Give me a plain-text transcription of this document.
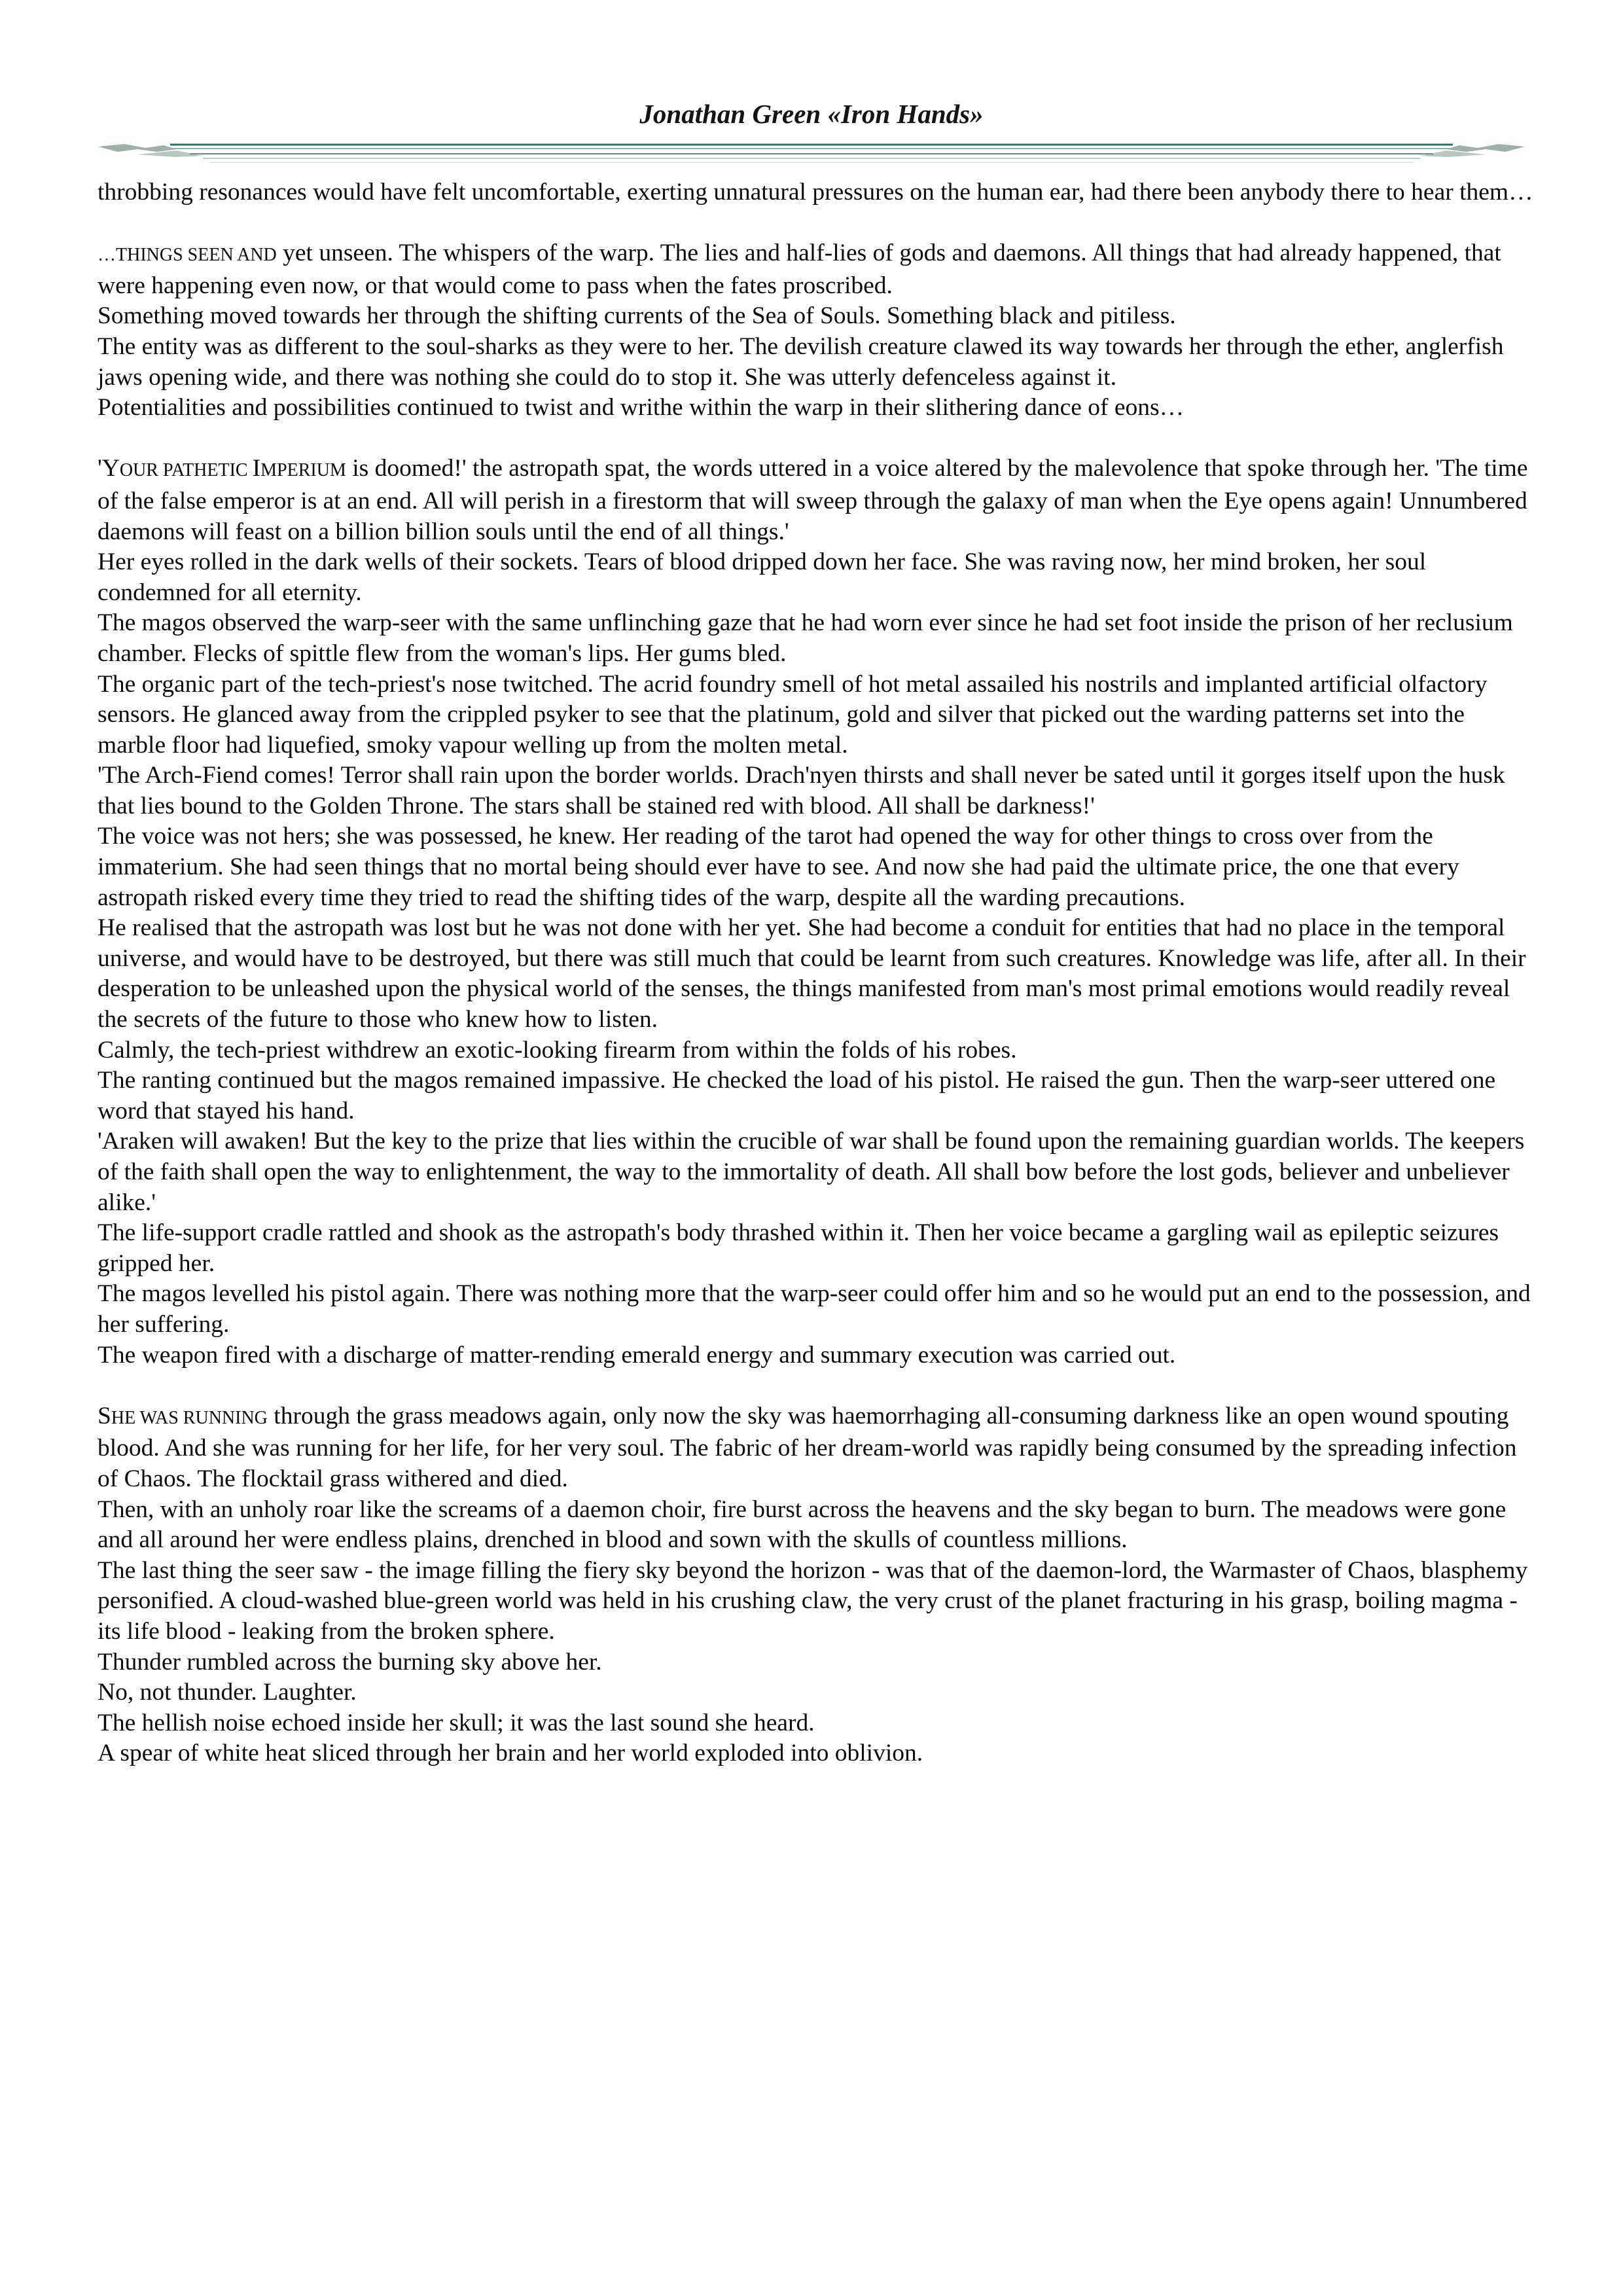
Jonathan Green «Iron Hands»

throbbing resonances would have felt uncomfortable, exerting unnatural pressures on the human ear, had there been anybody there to hear them…

…THINGS SEEN AND yet unseen. The whispers of the warp. The lies and half-lies of gods and daemons. All things that had already happened, that were happening even now, or that would come to pass when the fates proscribed.

Something moved towards her through the shifting currents of the Sea of Souls. Something black and pitiless.

The entity was as different to the soul-sharks as they were to her. The devilish creature clawed its way towards her through the ether, anglerfish jaws opening wide, and there was nothing she could do to stop it. She was utterly defenceless against it.

Potentialities and possibilities continued to twist and writhe within the warp in their slithering dance of eons…

'YOUR PATHETIC IMPERIUM is doomed!' the astropath spat, the words uttered in a voice altered by the malevolence that spoke through her. 'The time of the false emperor is at an end. All will perish in a firestorm that will sweep through the galaxy of man when the Eye opens again! Unnumbered daemons will feast on a billion billion souls until the end of all things.'

Her eyes rolled in the dark wells of their sockets. Tears of blood dripped down her face. She was raving now, her mind broken, her soul condemned for all eternity.

The magos observed the warp-seer with the same unflinching gaze that he had worn ever since he had set foot inside the prison of her reclusium chamber. Flecks of spittle flew from the woman's lips. Her gums bled.

The organic part of the tech-priest's nose twitched. The acrid foundry smell of hot metal assailed his nostrils and implanted artificial olfactory sensors. He glanced away from the crippled psyker to see that the platinum, gold and silver that picked out the warding patterns set into the marble floor had liquefied, smoky vapour welling up from the molten metal.

'The Arch-Fiend comes! Terror shall rain upon the border worlds. Drach'nyen thirsts and shall never be sated until it gorges itself upon the husk that lies bound to the Golden Throne. The stars shall be stained red with blood. All shall be darkness!'

The voice was not hers; she was possessed, he knew. Her reading of the tarot had opened the way for other things to cross over from the immaterium. She had seen things that no mortal being should ever have to see. And now she had paid the ultimate price, the one that every astropath risked every time they tried to read the shifting tides of the warp, despite all the warding precautions.

He realised that the astropath was lost but he was not done with her yet. She had become a conduit for entities that had no place in the temporal universe, and would have to be destroyed, but there was still much that could be learnt from such creatures. Knowledge was life, after all. In their desperation to be unleashed upon the physical world of the senses, the things manifested from man's most primal emotions would readily reveal the secrets of the future to those who knew how to listen.

Calmly, the tech-priest withdrew an exotic-looking firearm from within the folds of his robes.

The ranting continued but the magos remained impassive. He checked the load of his pistol. He raised the gun. Then the warp-seer uttered one word that stayed his hand.

'Araken will awaken! But the key to the prize that lies within the crucible of war shall be found upon the remaining guardian worlds. The keepers of the faith shall open the way to enlightenment, the way to the immortality of death. All shall bow before the lost gods, believer and unbeliever alike.'

The life-support cradle rattled and shook as the astropath's body thrashed within it. Then her voice became a gargling wail as epileptic seizures gripped her.

The magos levelled his pistol again. There was nothing more that the warp-seer could offer him and so he would put an end to the possession, and her suffering.

The weapon fired with a discharge of matter-rending emerald energy and summary execution was carried out.

SHE WAS RUNNING through the grass meadows again, only now the sky was haemorrhaging all-consuming darkness like an open wound spouting blood. And she was running for her life, for her very soul. The fabric of her dream-world was rapidly being consumed by the spreading infection of Chaos. The flocktail grass withered and died.

Then, with an unholy roar like the screams of a daemon choir, fire burst across the heavens and the sky began to burn. The meadows were gone and all around her were endless plains, drenched in blood and sown with the skulls of countless millions.

The last thing the seer saw - the image filling the fiery sky beyond the horizon - was that of the daemon-lord, the Warmaster of Chaos, blasphemy personified. A cloud-washed blue-green world was held in his crushing claw, the very crust of the planet fracturing in his grasp, boiling magma - its life blood - leaking from the broken sphere.

Thunder rumbled across the burning sky above her.

No, not thunder. Laughter.

The hellish noise echoed inside her skull; it was the last sound she heard.

A spear of white heat sliced through her brain and her world exploded into oblivion.
